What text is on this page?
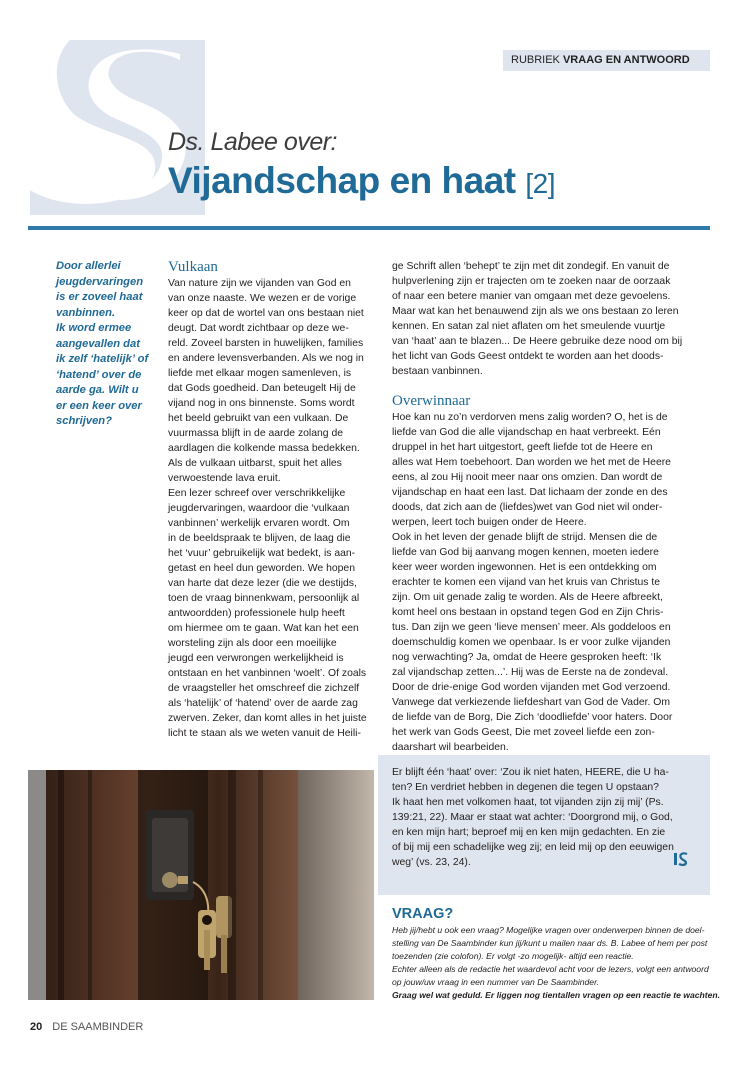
RUBRIEK VRAAG EN ANTWOORD
Ds. Labee over:
Vijandschap en haat [2]
Door allerlei
jeugdervaringen
is er zoveel haat
vanbinnen.
Ik word ermee
aangevallen dat
ik zelf ‘hatelijk’ of
‘hatend’ over de
aarde ga. Wilt u
er een keer over
schrijven?
Vulkaan

Van nature zijn we vijanden van God en

van onze naaste. We wezen er de vorige

keer op dat de wortel van ons bestaan niet

deugt. Dat wordt zichtbaar op deze we-

reld. Zoveel barsten in huwelijken, families

en andere levensverbanden. Als we nog in

liefde met elkaar mogen samenleven, is

dat Gods goedheid. Dan beteugelt Hij de

vijand nog in ons binnenste. Soms wordt

het beeld gebruikt van een vulkaan. De

vuurmassa blijft in de aarde zolang de

aardlagen die kolkende massa bedekken.

Als de vulkaan uitbarst, spuit het alles

verwoestende lava eruit.

Een lezer schreef over verschrikkelijke

jeugdervaringen, waardoor die ‘vulkaan

vanbinnen’ werkelijk ervaren wordt. Om

in de beeldspraak te blijven, de laag die

het ‘vuur’ gebruikelijk wat bedekt, is aan-

getast en heel dun geworden. We hopen

van harte dat deze lezer (die we destijds,

toen de vraag binnenkwam, persoonlijk al

antwoordden) professionele hulp heeft

om hiermee om te gaan. Wat kan het een

worsteling zijn als door een moeilijke

jeugd een verwrongen werkelijkheid is

ontstaan en het vanbinnen ‘woelt’. Of zoals

de vraagsteller het omschreef die zichzelf

als ‘hatelijk’ of ‘hatend’ over de aarde zag

zwerven. Zeker, dan komt alles in het juiste

licht te staan als we weten vanuit de Heili-

ge Schrift allen ‘behept’ te zijn met dit zondegif. En vanuit de

hulpverlening zijn er trajecten om te zoeken naar de oorzaak

of naar een betere manier van omgaan met deze gevoelens.

Maar wat kan het benauwend zijn als we ons bestaan zo leren

kennen. En satan zal niet aflaten om het smeulende vuurtje

van ‘haat’ aan te blazen... De Heere gebruike deze nood om bij

het licht van Gods Geest ontdekt te worden aan het doods-

bestaan vanbinnen.

Overwinnaar

Hoe kan nu zo’n verdorven mens zalig worden? O, het is de

liefde van God die alle vijandschap en haat verbreekt. Eén

druppel in het hart uitgestort, geeft liefde tot de Heere en

alles wat Hem toebehoort. Dan worden we het met de Heere

eens, al zou Hij nooit meer naar ons omzien. Dan wordt de

vijandschap en haat een last. Dat lichaam der zonde en des

doods, dat zich aan de (liefdes)wet van God niet wil onder-

werpen, leert toch buigen onder de Heere.

Ook in het leven der genade blijft de strijd. Mensen die de

liefde van God bij aanvang mogen kennen, moeten iedere

keer weer worden ingewonnen. Het is een ontdekking om

erachter te komen een vijand van het kruis van Christus te

zijn. Om uit genade zalig te worden. Als de Heere afbreekt,

komt heel ons bestaan in opstand tegen God en Zijn Chris-

tus. Dan zijn we geen ‘lieve mensen’ meer. Als goddeloos en

doemschuldig komen we openbaar. Is er voor zulke vijanden

nog verwachting? Ja, omdat de Heere gesproken heeft: ‘Ik

zal vijandschap zetten...’. Hij was de Eerste na de zondeval.

Door de drie-enige God worden vijanden met God verzoend.

Vanwege dat verkiezende liefdeshart van God de Vader. Om

de liefde van de Borg, Die Zich ‘doodliefde’ voor haters. Door

het werk van Gods Geest, Die met zoveel liefde een zon-

daarshart wil bearbeiden.

Er blijft één ‘haat’ over: ‘Zou ik niet haten, HEERE, die U ha-

ten? En verdriet hebben in degenen die tegen U opstaan?

Ik haat hen met volkomen haat, tot vijanden zijn zij mij’ (Ps.

139:21, 22). Maar er staat wat achter: ‘Doorgrond mij, o God,

en ken mijn hart; beproef mij en ken mijn gedachten. En zie

of bij mij een schadelijke weg zij; en leid mij op den eeuwigen

weg’ (vs. 23, 24).

VRAAG?

Heb jij/hebt u ook een vraag? Mogelijke vragen over onderwerpen binnen de doel-

stelling van De Saambinder kun jij/kunt u mailen naar ds. B. Labee of hem per post

toezenden (zie colofon). Er volgt -zo mogelijk- altijd een reactie.

Echter alleen als de redactie het waardevol acht voor de lezers, volgt een antwoord

op jouw/uw vraag in een nummer van De Saambinder.

Graag wel wat geduld. Er liggen nog tientallen vragen op een reactie te wachten.

20 DE SAAMBINDER
